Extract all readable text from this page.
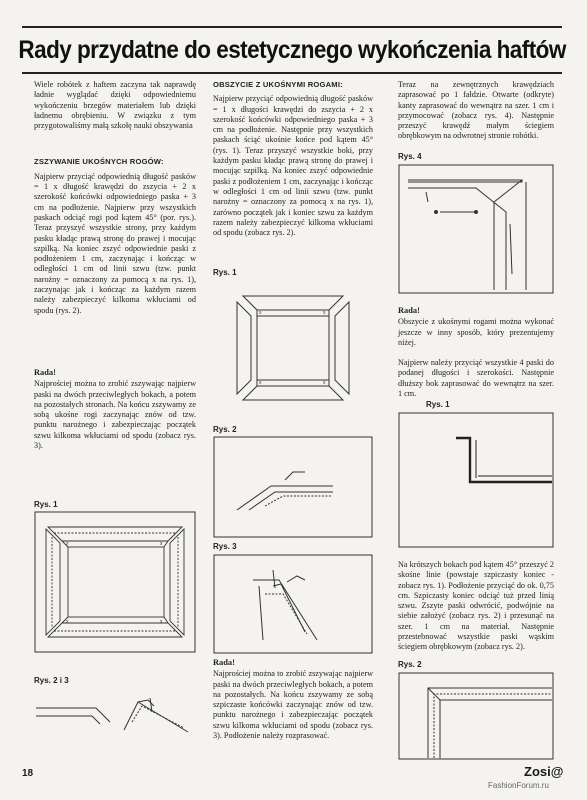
Rady przydatne do estetycznego wykończenia haftów

Wiele robótek z haftem zaczyna tak naprawdę ładnie wyglądać dzięki odpowiedniemu wykończeniu brzegów materiałem lub dzięki ładnemu obrębieniu. W związku z tym przygotowaliśmy małą szkołę nauki obszywania

ZSZYWANIE UKOŚNYCH ROGÓW:

Najpierw przyciąć odpowiednią długość pasków = 1 x długość krawędzi do zszycia + 2 x szerokość końcówki odpowiedniego paska + 3 cm na podłożenie. Najpierw przy wszystkich paskach odciąć rogi pod kątem 45° (por. rys.). Teraz przyszyć wszystkie strony, przy każdym pasku kładąc prawą stronę do prawej i mocując szpilką. Na koniec zszyć odpowiednie paski z podłożeniem 1 cm, zaczynając i kończąc w odległości 1 cm od linii szwu (tzw. punkt narożny = oznaczony za pomocą x na rys. 1), zaczynając jak i kończąc za każdym razem należy zabezpieczyć kilkoma wkłuciami od spodu (rys. 2).

Rada!

Najprościej można to zrobić zszywając najpierw paski na dwóch przeciwległych bokach, a potem na pozostałych stronach. Na końcu zszywamy ze sobą ukośne rogi zaczynając znów od tzw. punktu narożnego i zabezpieczając początek szwu kilkoma wkłuciami od spodu (zobacz rys. 3).

Rys. 1
x	x
x	x
Rys. 2 i 3
OBSZYCIE Z UKOŚNYMI ROGAMI:

Najpierw przyciąć odpowiednią długość pasków = 1 x długości krawędzi do zszycia + 2 x szerokość końcówki odpowiedniego paska + 3 cm na podłożenie. Następnie przy wszystkich paskach ściąć ukośnie końce pod kątem 45° (rys. 1). Teraz przyszyć wszystkie boki, przy każdym pasku kładąc prawą stronę do prawej i mocując szpilką. Na koniec zszyć odpowiednie paski z podłożeniem 1 cm, zaczynając i kończąc w odległości 1 cm od linii szwu (tzw. punkt narożny = oznaczony za pomocą x na rys. 1), zarówno początek jak i koniec szwu za każdym razem należy zabezpieczyć kilkoma wkłuciami od spodu (zobacz rys. 2).

Rys. 1
x	x
x	x
Rys. 2
Rys. 3
Rada!

Najprościej można to zrobić zszywając najpierw paski na dwóch przeciwległych bokach, a potem na pozostałych. Na końcu zszywamy ze sobą szpiczaste końcówki zaczynając znów od tzw. punktu narożnego i zabezpieczając początek szwu kilkoma wkłuciami od spodu (zobacz rys. 3). Podłożenie należy rozprasować.

Teraz na zewnętrznych krawędziach zaprasować po 1 fałdzie. Otwarte (odkryte) kanty zaprasować do wewnątrz na szer. 1 cm i przymocować (zobacz rys. 4). Następnie przeszyć krawędź małym ściegiem obrębkowym na odwrotnej stronie robótki.

Rys. 4
Rada!

Obszycie z ukośnymi rogami można wykonać jeszcze w inny sposób, który prezentujemy niżej.

Najpierw należy przyciąć wszystkie 4 paski do podanej długości i szerokości. Następnie dłuższy bok zaprasować do wewnątrz na szer. 1 cm.

Rys. 1

Na krótszych bokach pod kątem 45° przeszyć 2 skośne linie (powstaje szpiczasty koniec - zobacz rys. 1). Podłożenie przyciąć do ok. 0,75 cm. Szpiczasty koniec odciąć tuż przed linią szwu. Zszyte paski odwrócić, podwójnie na siebie założyć (zobacz rys. 2) i przesunąć na szer. 1 cm na materiał. Następnie przestebnować wszystkie paski wąskim ściegiem obrębkowym (zobacz rys. 2).

Rys. 2
18	Zosi@
FashionForum.ru
